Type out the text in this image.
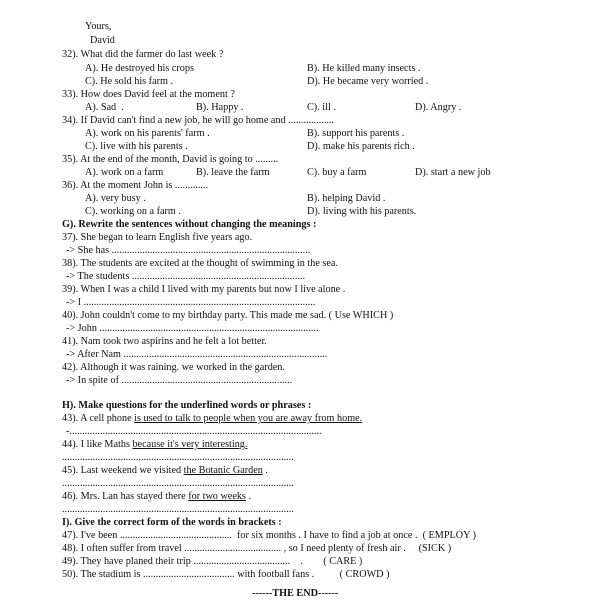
Yours,
David
32). What did the farmer do last week ?
A). He destroyed his crops	B). He killed many insects .
C). He sold his farm .	D). He became very worried .
33). How does David feel at the moment ?
A). Sad  .	B). Happy .	C). ill .	D). Angry .
34). If David can't find a new job, he will go home and ..................
A). work on his parents' farm .	B). support his parents .
C). live with his parents .	D). make his parents rich .
35). At the end of the month, David is going to .........
A). work on a farm	B). leave the farm	C). buy a farm	D). start a new job
36). At the moment John is .............
A). very busy .	B). helping David .
C). working on a farm .	D). living with his parents.
G). Rewrite the sentences without changing the meanings :
37). She began to learn English five years ago.
-> She has ..............................................................................
38). The students are excited at the thought of swimming in the sea.
-> The students ....................................................................
39). When I was a child I lived with my parents but now I live alone .
-> I ...........................................................................................
40). John couldn't come to my birthday party. This made me sad. ( Use WHICH )
-> John ......................................................................................
41). Nam took two aspirins and he felt a lot better.
-> After Nam ................................................................................
42). Although it was raining. we worked in the garden.
-> In spite of ...................................................................
H). Make questions for the underlined words or phrases :
43). A cell phone is used to talk to people when you are away from home.
-...................................................................................................
44). I like Maths because it's very interesting.
...........................................................................................
45). Last weekend we visited the Botanic Garden .
...........................................................................................
46). Mrs. Lan has stayed there for two weeks .
...........................................................................................
I). Give the correct form of the words in brackets :
47). I've been ............................................  for six months . I have to find a job at once .  ( EMPLOY )
48). I often suffer from travel ...................................... , so I need plenty of fresh air .     (SICK )
49). They have planed their trip ......................................    .        ( CARE )
50). The stadium is .................................... with football fans .          ( CROWD )
------THE END------
